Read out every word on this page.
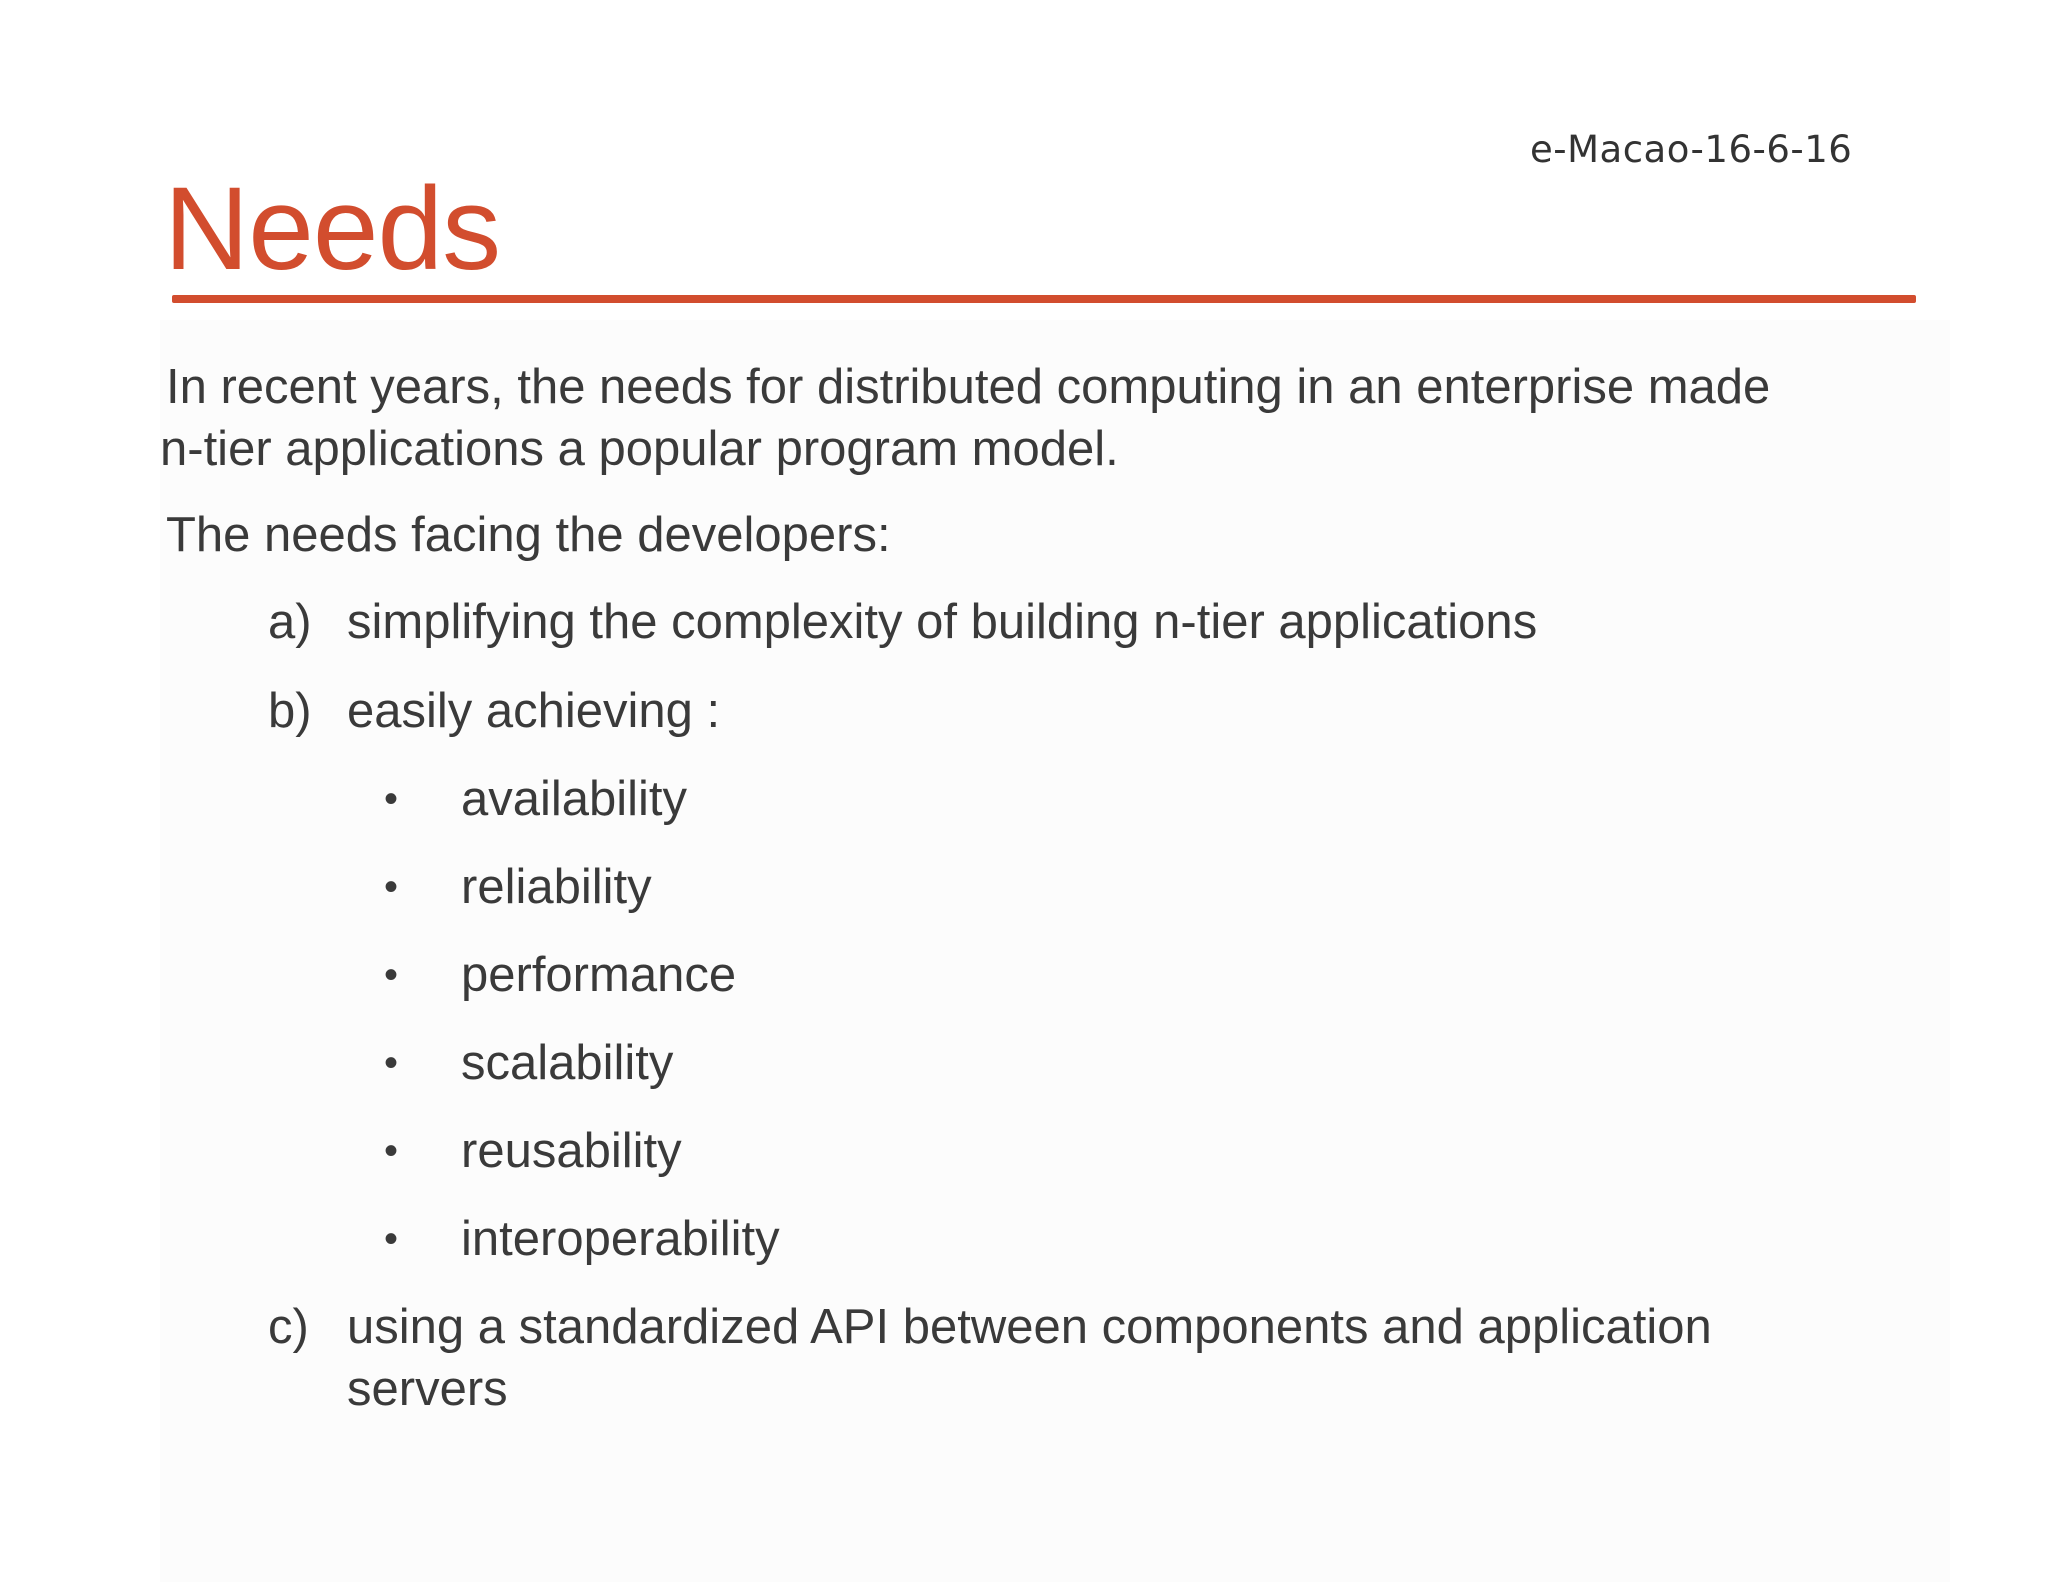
e-Macao-16-6-16
Needs
In recent years, the needs for distributed computing in an enterprise made
n-tier applications a popular program model.
The needs facing the developers:
a) simplifying the complexity of building n-tier applications
b) easily achieving :
• availability
• reliability
• performance
• scalability
• reusability
• interoperability
c) using a standardized API between components and application
servers
